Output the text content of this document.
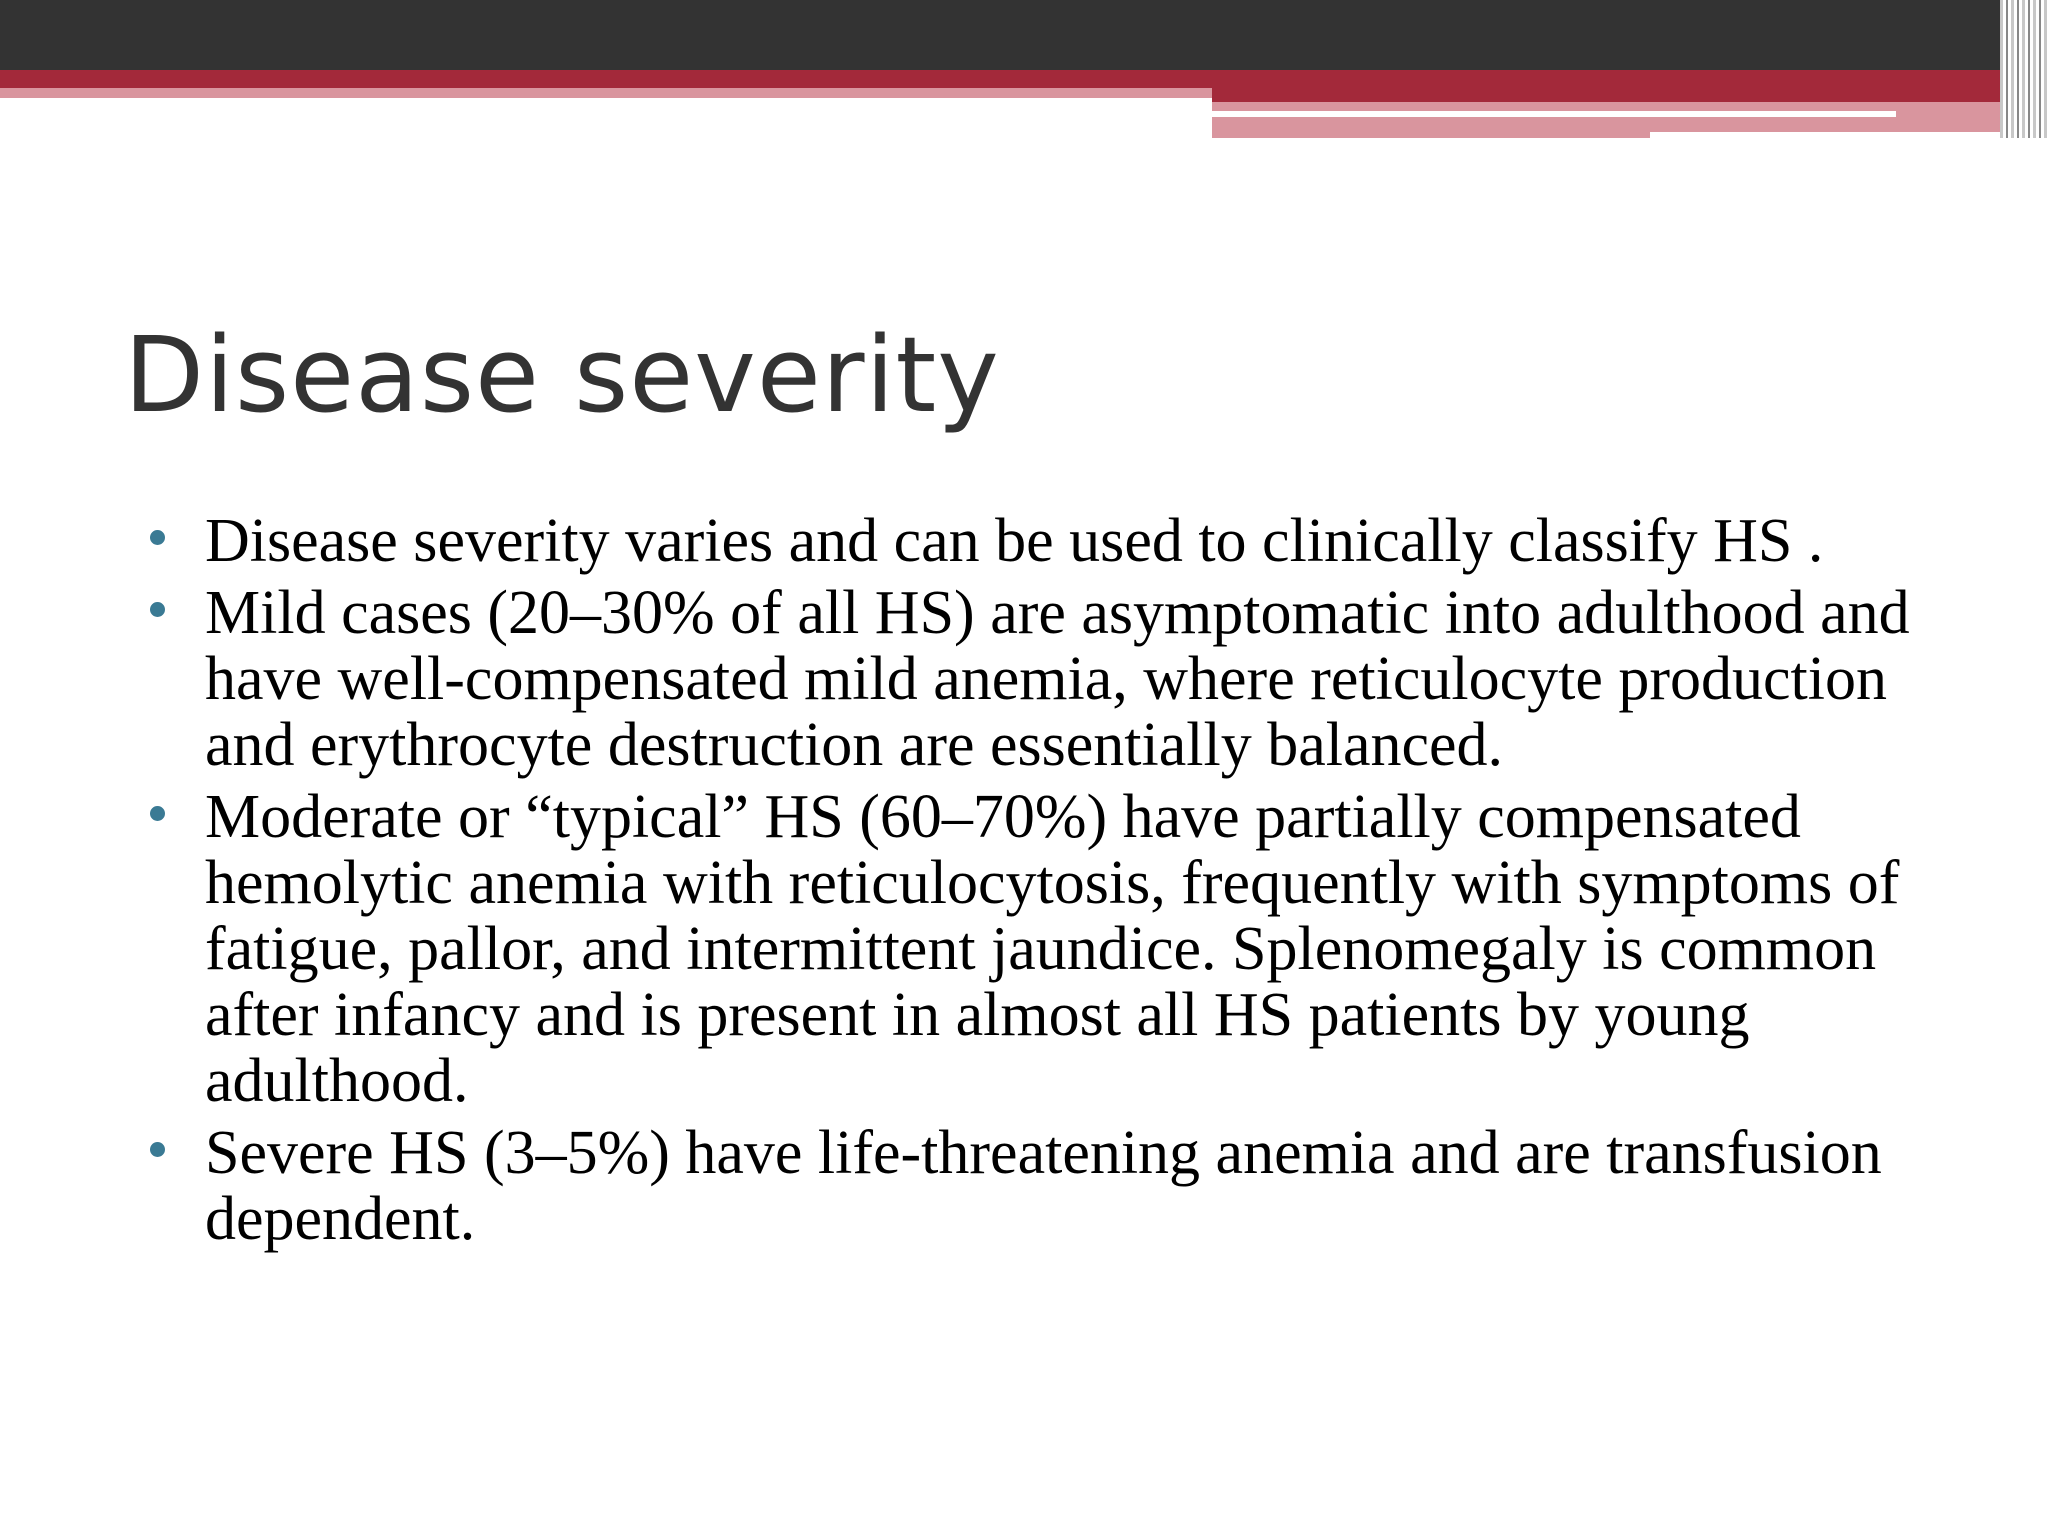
Disease severity
Disease severity varies and can be used to clinically classify HS .
Mild cases (20–30% of all HS) are asymptomatic into adulthood and have well-compensated mild anemia, where reticulocyte production and erythrocyte destruction are essentially balanced.
Moderate or “typical” HS (60–70%) have partially compensated hemolytic anemia with reticulocytosis, frequently with symptoms of fatigue, pallor, and intermittent jaundice. Splenomegaly is common after infancy and is present in almost all HS patients by young adulthood.
Severe HS (3–5%) have life-threatening anemia and are transfusion dependent.
